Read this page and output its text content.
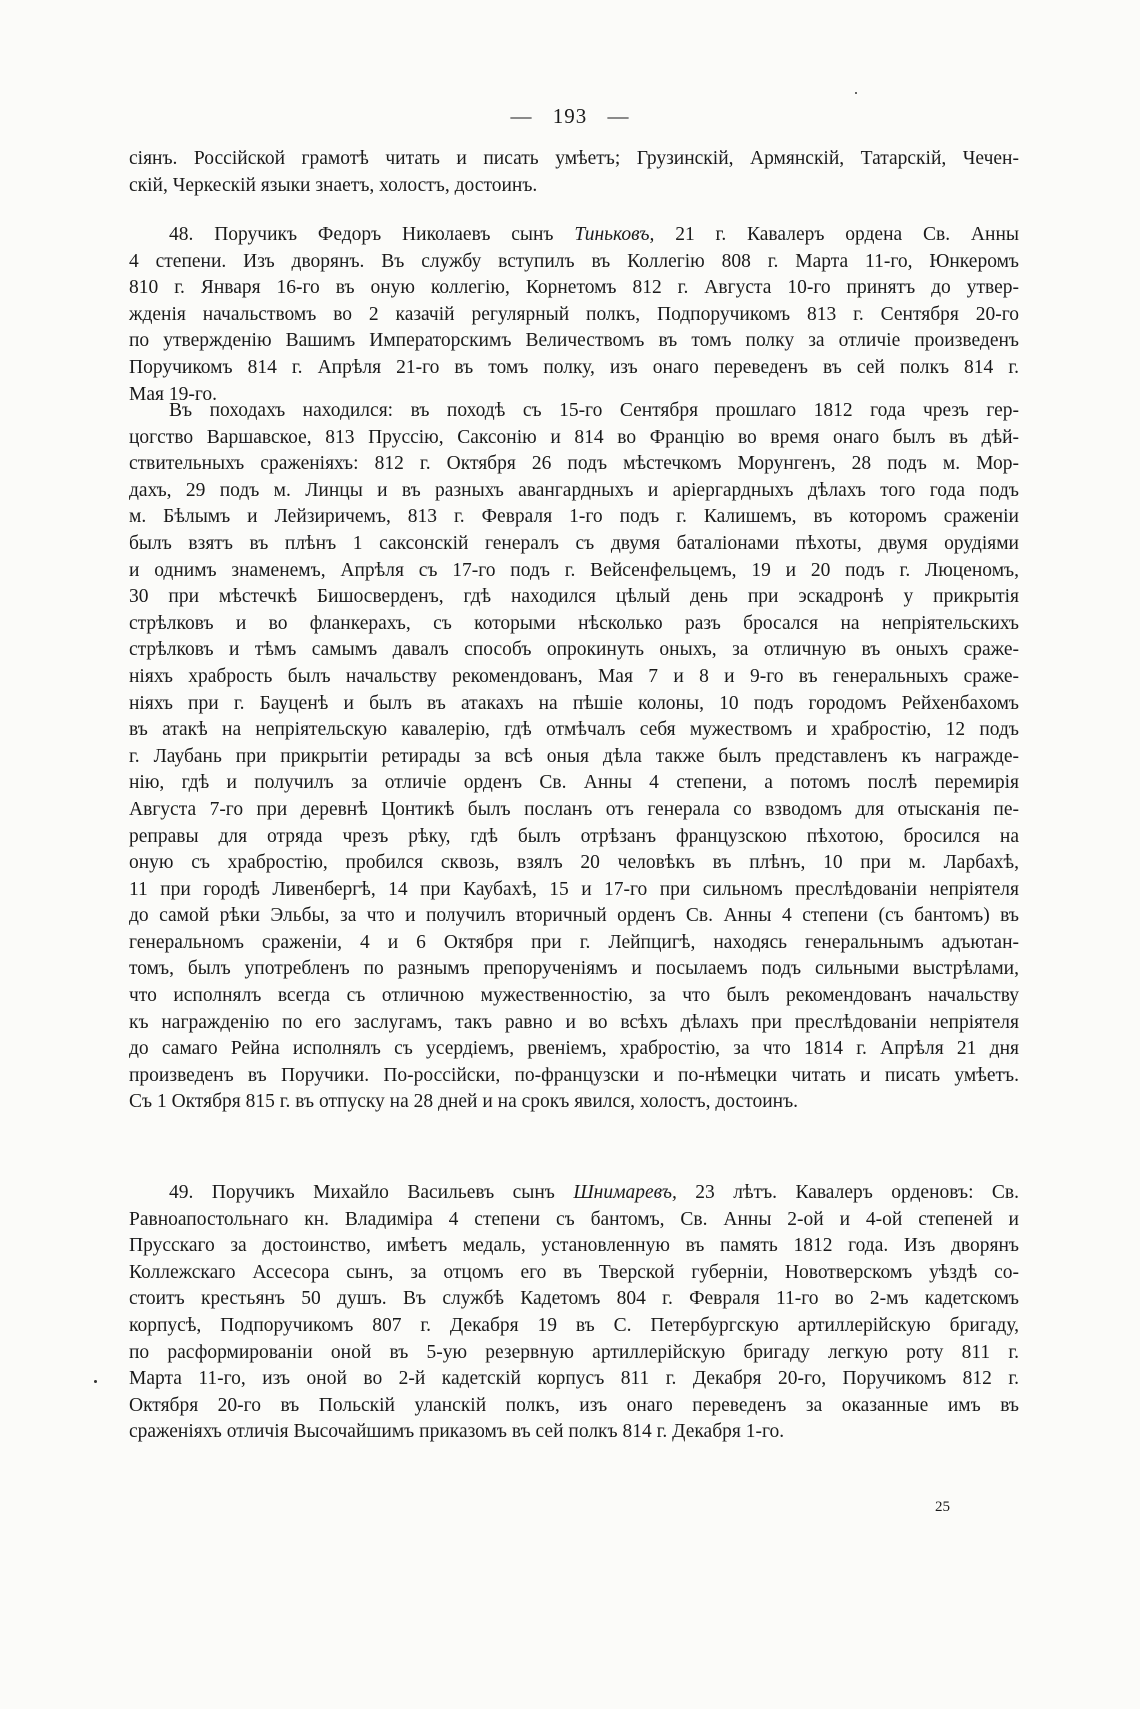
— 193 —
сіянъ. Россійской грамотѣ читать и писать умѣетъ; Грузинскій, Армянскій, Татарскій, Чечен-
скій, Черкескій языки знаетъ, холостъ, достоинъ.
48. Поручикъ Федоръ Николаевъ сынъ Тиньковъ, 21 г. Кавалеръ ордена Св. Анны
4 степени. Изъ дворянъ. Въ службу вступилъ въ Коллегію 808 г. Марта 11-го, Юнкеромъ
810 г. Января 16-го въ оную коллегію, Корнетомъ 812 г. Августа 10-го принятъ до утвер-
жденія начальствомъ во 2 казачій регулярный полкъ, Подпоручикомъ 813 г. Сентября 20-го
по утвержденію Вашимъ Императорскимъ Величествомъ въ томъ полку за отличіе произведенъ
Поручикомъ 814 г. Апрѣля 21-го въ томъ полку, изъ онаго переведенъ въ сей полкъ 814 г.
Мая 19-го.
Въ походахъ находился: въ походѣ съ 15-го Сентября прошлаго 1812 года чрезъ гер-
цогство Варшавское, 813 Пруссію, Саксонію и 814 во Францію во время онаго былъ въ дѣй-
ствительныхъ сраженіяхъ: 812 г. Октября 26 подъ мѣстечкомъ Морунгенъ, 28 подъ м. Мор-
дахъ, 29 подъ м. Линцы и въ разныхъ авангардныхъ и аріергардныхъ дѣлахъ того года подъ
м. Бѣлымъ и Лейзиричемъ, 813 г. Февраля 1-го подъ г. Калишемъ, въ которомъ сраженіи
былъ взятъ въ плѣнъ 1 саксонскій генералъ съ двумя баталіонами пѣхоты, двумя орудіями
и однимъ знаменемъ, Апрѣля съ 17-го подъ г. Вейсенфельцемъ, 19 и 20 подъ г. Люценомъ,
30 при мѣстечкѣ Бишосверденъ, гдѣ находился цѣлый день при эскадронѣ у прикрытія
стрѣлковъ и во фланкерахъ, съ которыми нѣсколько разъ бросался на непріятельскихъ
стрѣлковъ и тѣмъ самымъ давалъ способъ опрокинуть оныхъ, за отличную въ оныхъ сраже-
ніяхъ храбрость былъ начальству рекомендованъ, Мая 7 и 8 и 9-го въ генеральныхъ сраже-
ніяхъ при г. Бауценѣ и былъ въ атакахъ на пѣшіе колоны, 10 подъ городомъ Рейхенбахомъ
въ атакѣ на непріятельскую кавалерію, гдѣ отмѣчалъ себя мужествомъ и храбростію, 12 подъ
г. Лаубань при прикрытіи ретирады за всѣ оныя дѣла также былъ представленъ къ награжде-
нію, гдѣ и получилъ за отличіе орденъ Св. Анны 4 степени, а потомъ послѣ перемирія
Августа 7-го при деревнѣ Цонтикѣ былъ посланъ отъ генерала со взводомъ для отысканія пе-
реправы для отряда чрезъ рѣку, гдѣ былъ отрѣзанъ французскою пѣхотою, бросился на
оную съ храбростію, пробился сквозь, взялъ 20 человѣкъ въ плѣнъ, 10 при м. Ларбахѣ,
11 при городѣ Ливенбергѣ, 14 при Каубахѣ, 15 и 17-го при сильномъ преслѣдованіи непріятеля
до самой рѣки Эльбы, за что и получилъ вторичный орденъ Св. Анны 4 степени (съ бантомъ) въ
генеральномъ сраженіи, 4 и 6 Октября при г. Лейпцигѣ, находясь генеральнымъ адъютан-
томъ, былъ употребленъ по разнымъ препорученіямъ и посылаемъ подъ сильными выстрѣлами,
что исполнялъ всегда съ отличною мужественностію, за что былъ рекомендованъ начальству
къ награжденію по его заслугамъ, такъ равно и во всѣхъ дѣлахъ при преслѣдованіи непріятеля
до самаго Рейна исполнялъ съ усердіемъ, рвеніемъ, храбростію, за что 1814 г. Апрѣля 21 дня
произведенъ въ Поручики. По-россійски, по-французски и по-нѣмецки читать и писать умѣетъ.
Съ 1 Октября 815 г. въ отпуску на 28 дней и на срокъ явился, холостъ, достоинъ.
49. Поручикъ Михайло Васильевъ сынъ Шнимаревъ, 23 лѣтъ. Кавалеръ орденовъ: Св.
Равноапостольнаго кн. Владиміра 4 степени съ бантомъ, Св. Анны 2-ой и 4-ой степеней и
Прусскаго за достоинство, имѣетъ медаль, установленную въ память 1812 года. Изъ дворянъ
Коллежскаго Ассесора сынъ, за отцомъ его въ Тверской губерніи, Новотверскомъ уѣздѣ со-
стоитъ крестьянъ 50 душъ. Въ службѣ Кадетомъ 804 г. Февраля 11-го во 2-мъ кадетскомъ
корпусѣ, Подпоручикомъ 807 г. Декабря 19 въ С. Петербургскую артиллерійскую бригаду,
по расформированіи оной въ 5-ую резервную артиллерійскую бригаду легкую роту 811 г.
Марта 11-го, изъ оной во 2-й кадетскій корпусъ 811 г. Декабря 20-го, Поручикомъ 812 г.
Октября 20-го въ Польскій уланскій полкъ, изъ онаго переведенъ за оказанные имъ въ
сраженіяхъ отличія Высочайшимъ приказомъ въ сей полкъ 814 г. Декабря 1-го.
25
